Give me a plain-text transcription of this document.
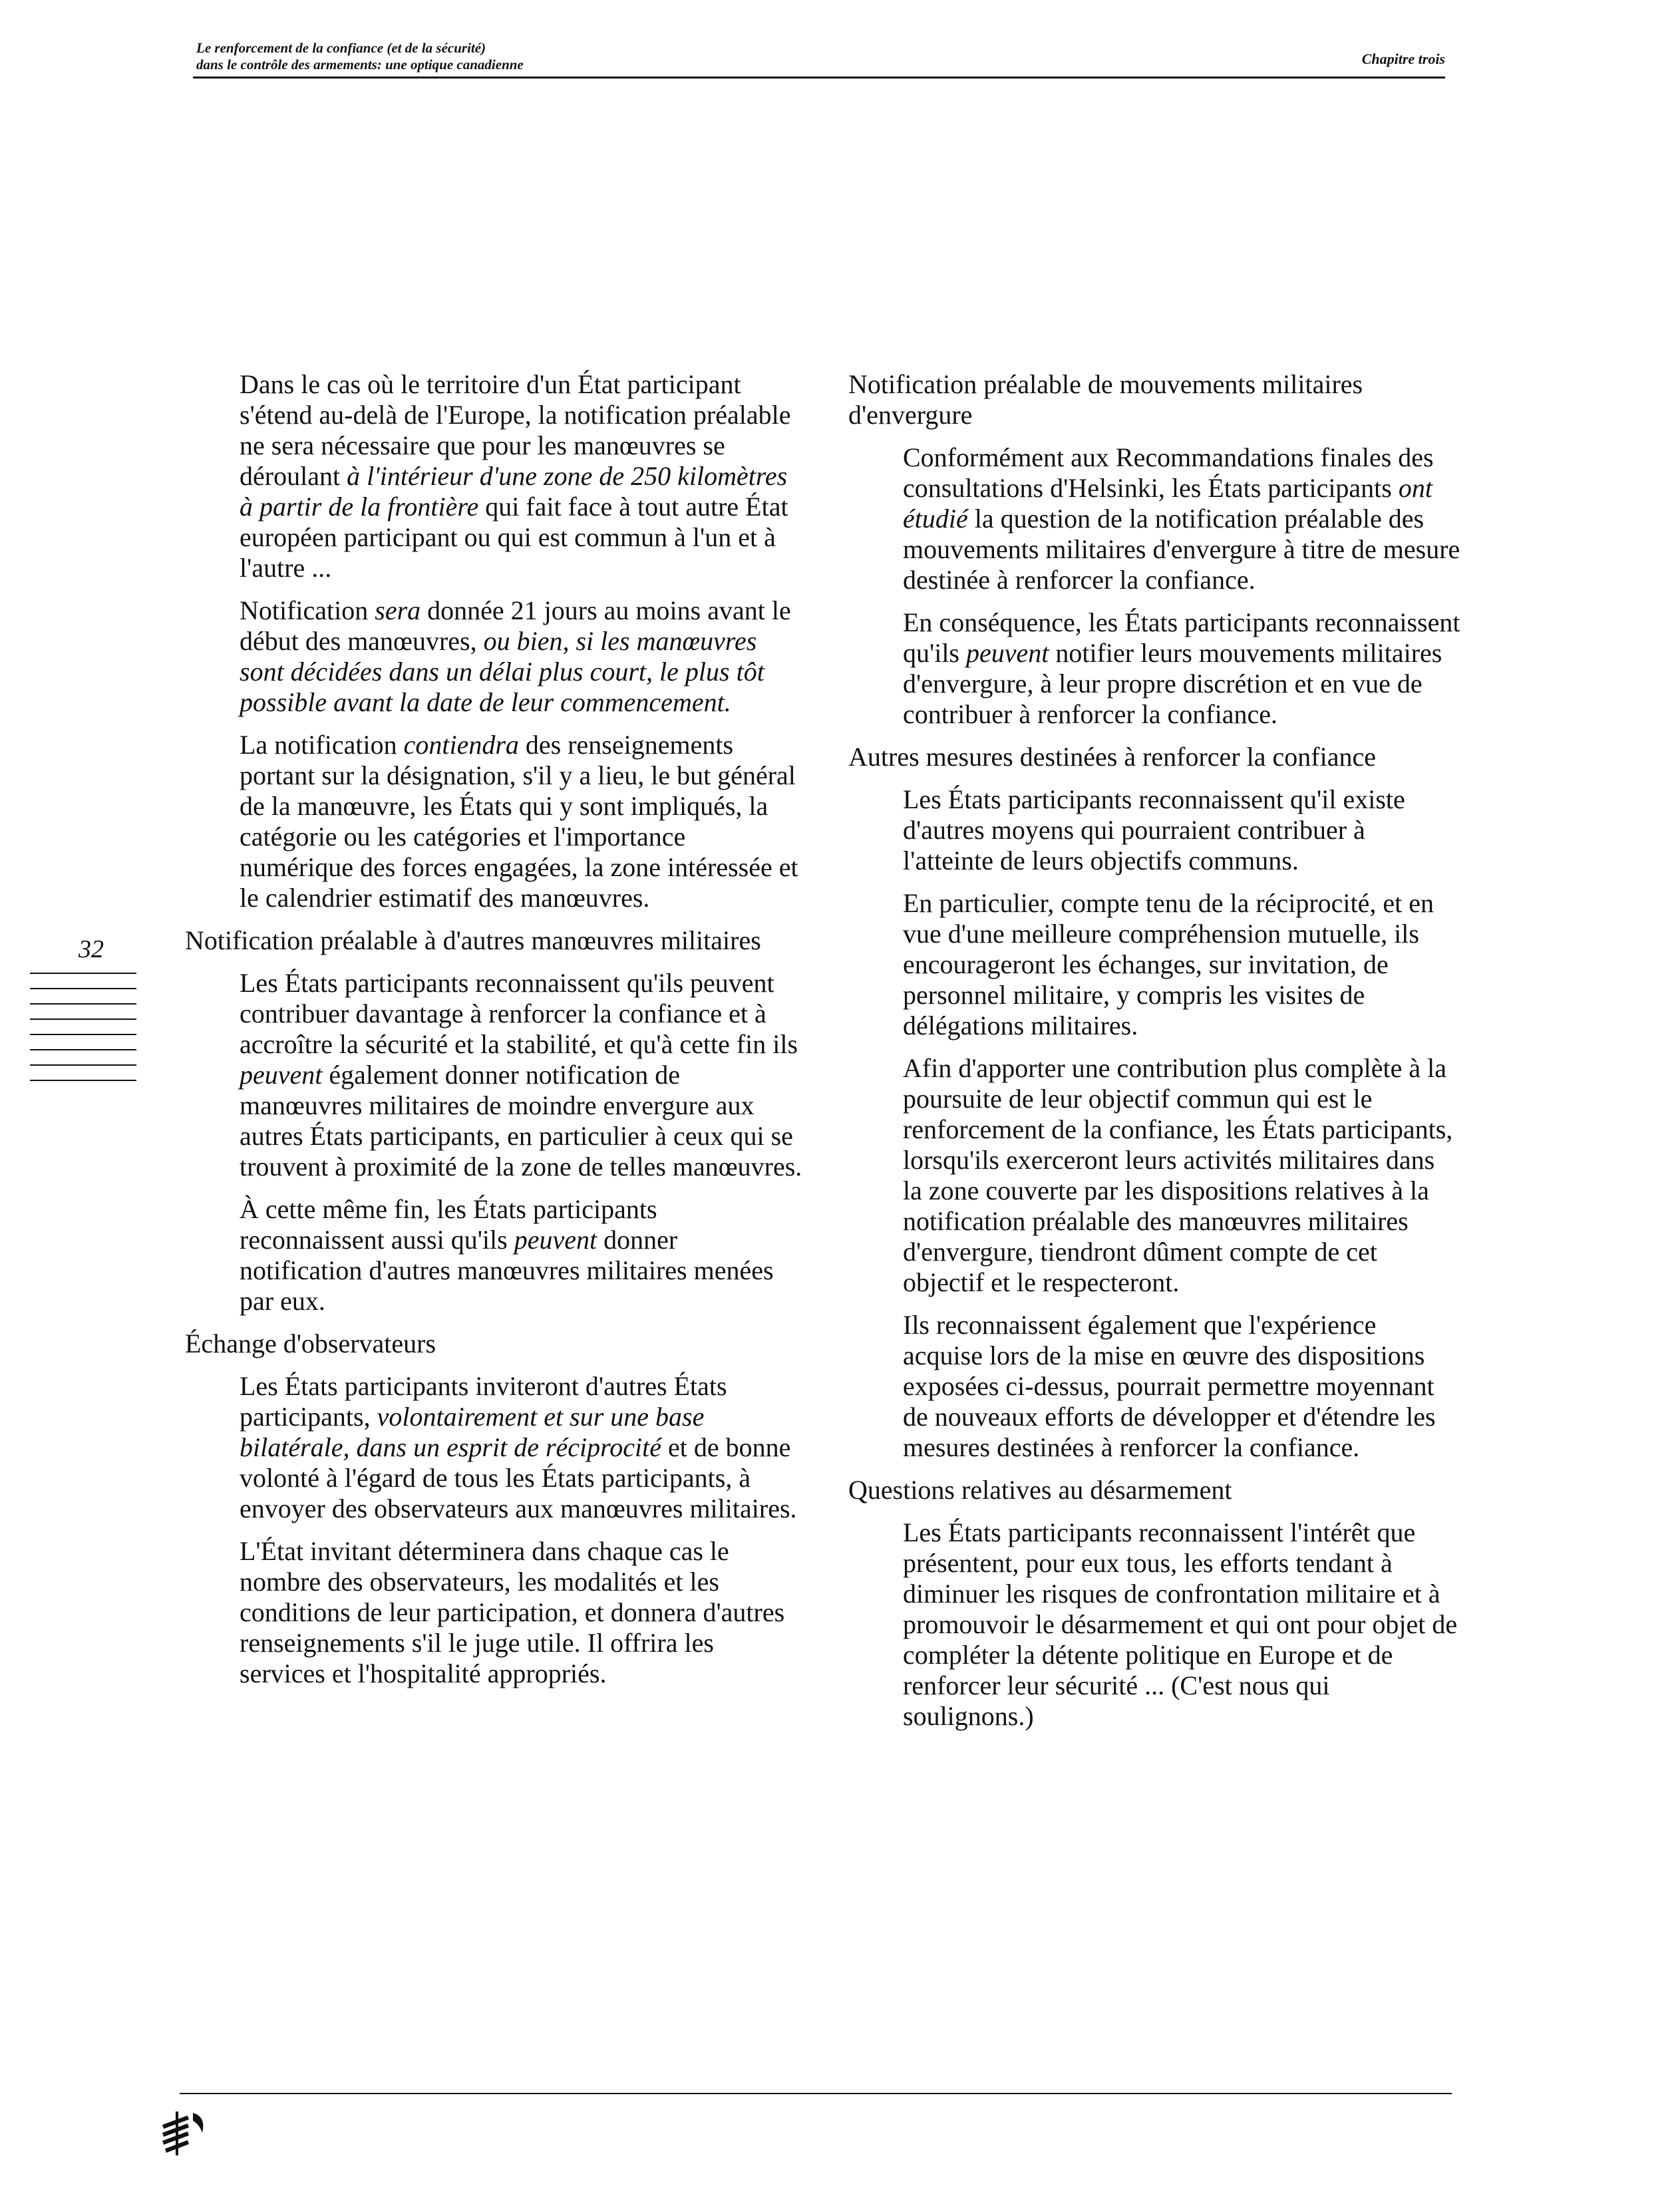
Le renforcement de la confiance (et de la sécurité)
dans le contrôle des armements: une optique canadienne	Chapitre trois
32
Dans le cas où le territoire d'un État participant s'étend au-delà de l'Europe, la notification préalable ne sera nécessaire que pour les manœuvres se déroulant à l'intérieur d'une zone de 250 kilomètres à partir de la frontière qui fait face à tout autre État européen participant ou qui est commun à l'un et à l'autre ...
Notification sera donnée 21 jours au moins avant le début des manœuvres, ou bien, si les manœuvres sont décidées dans un délai plus court, le plus tôt possible avant la date de leur commencement.
La notification contiendra des renseignements portant sur la désignation, s'il y a lieu, le but général de la manœuvre, les États qui y sont impliqués, la catégorie ou les catégories et l'importance numérique des forces engagées, la zone intéressée et le calendrier estimatif des manœuvres.
Notification préalable à d'autres manœuvres militaires
Les États participants reconnaissent qu'ils peuvent contribuer davantage à renforcer la confiance et à accroître la sécurité et la stabilité, et qu'à cette fin ils peuvent également donner notification de manœuvres militaires de moindre envergure aux autres États participants, en particulier à ceux qui se trouvent à proximité de la zone de telles manœuvres.
À cette même fin, les États participants reconnaissent aussi qu'ils peuvent donner notification d'autres manœuvres militaires menées par eux.
Échange d'observateurs
Les États participants inviteront d'autres États participants, volontairement et sur une base bilatérale, dans un esprit de réciprocité et de bonne volonté à l'égard de tous les États participants, à envoyer des observateurs aux manœuvres militaires.
L'État invitant déterminera dans chaque cas le nombre des observateurs, les modalités et les conditions de leur participation, et donnera d'autres renseignements s'il le juge utile. Il offrira les services et l'hospitalité appropriés.
Notification préalable de mouvements militaires d'envergure
Conformément aux Recommandations finales des consultations d'Helsinki, les États participants ont étudié la question de la notification préalable des mouvements militaires d'envergure à titre de mesure destinée à renforcer la confiance.
En conséquence, les États participants reconnaissent qu'ils peuvent notifier leurs mouvements militaires d'envergure, à leur propre discrétion et en vue de contribuer à renforcer la confiance.
Autres mesures destinées à renforcer la confiance
Les États participants reconnaissent qu'il existe d'autres moyens qui pourraient contribuer à l'atteinte de leurs objectifs communs.
En particulier, compte tenu de la réciprocité, et en vue d'une meilleure compréhension mutuelle, ils encourageront les échanges, sur invitation, de personnel militaire, y compris les visites de délégations militaires.
Afin d'apporter une contribution plus complète à la poursuite de leur objectif commun qui est le renforcement de la confiance, les États participants, lorsqu'ils exerceront leurs activités militaires dans la zone couverte par les dispositions relatives à la notification préalable des manœuvres militaires d'envergure, tiendront dûment compte de cet objectif et le respecteront.
Ils reconnaissent également que l'expérience acquise lors de la mise en œuvre des dispositions exposées ci-dessus, pourrait permettre moyennant de nouveaux efforts de développer et d'étendre les mesures destinées à renforcer la confiance.
Questions relatives au désarmement
Les États participants reconnaissent l'intérêt que présentent, pour eux tous, les efforts tendant à diminuer les risques de confrontation militaire et à promouvoir le désarmement et qui ont pour objet de compléter la détente politique en Europe et de renforcer leur sécurité ... (C'est nous qui soulignons.)
